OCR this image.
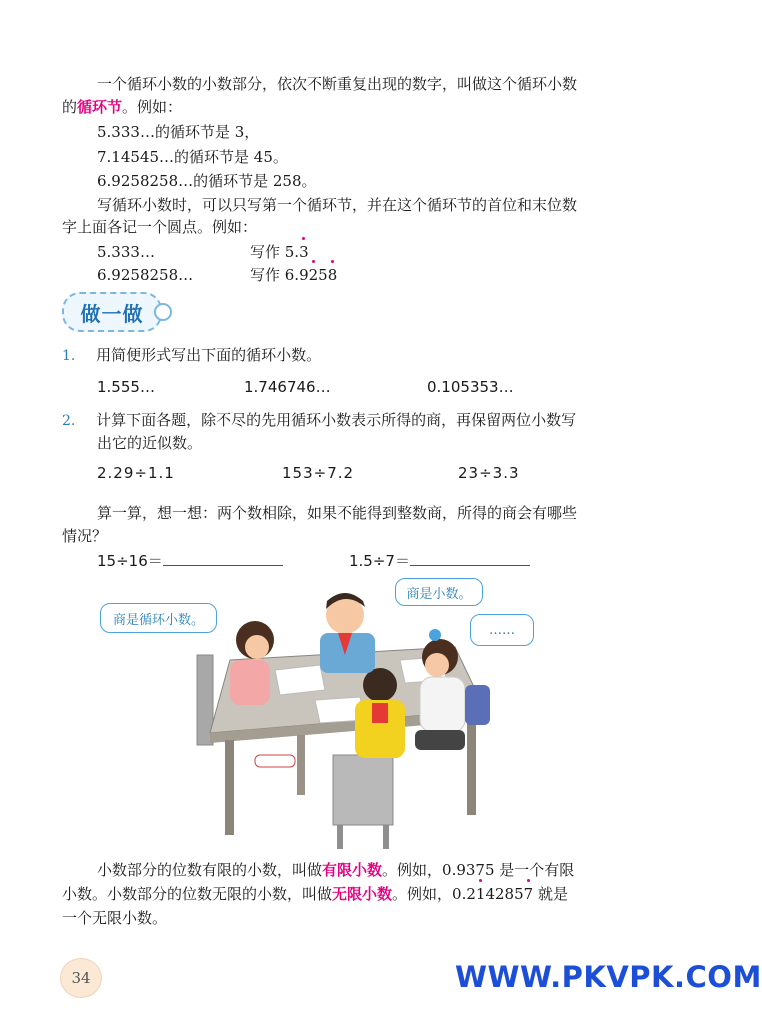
一个循环小数的小数部分，依次不断重复出现的数字，叫做这个循环小数
的循环节。例如：
5.333…的循环节是 3，
7.14545…的循环节是 45。
6.9258258…的循环节是 258。
写循环小数时，可以只写第一个循环节，并在这个循环节的首位和末位数
字上面各记一个圆点。例如：
5.333…	写作 5.3
6.9258258…	写作 6.9258
做一做
1. 用简便形式写出下面的循环小数。
1.555…	1.746746…	0.105353…
2. 计算下面各题，除不尽的先用循环小数表示所得的商，再保留两位小数写
出它的近似数。
2.29÷1.1	153÷7.2	23÷3.3
算一算，想一想：两个数相除，如果不能得到整数商，所得的商会有哪些
情况？
15÷16＝	1.5÷7＝
商是循环小数。
商是小数。
……
小数部分的位数有限的小数，叫做有限小数。例如，0.9375 是一个有限
小数。小数部分的位数无限的小数，叫做无限小数。例如，0.2142857 就是
一个无限小数。
34	WWW.PKVPK.COM
